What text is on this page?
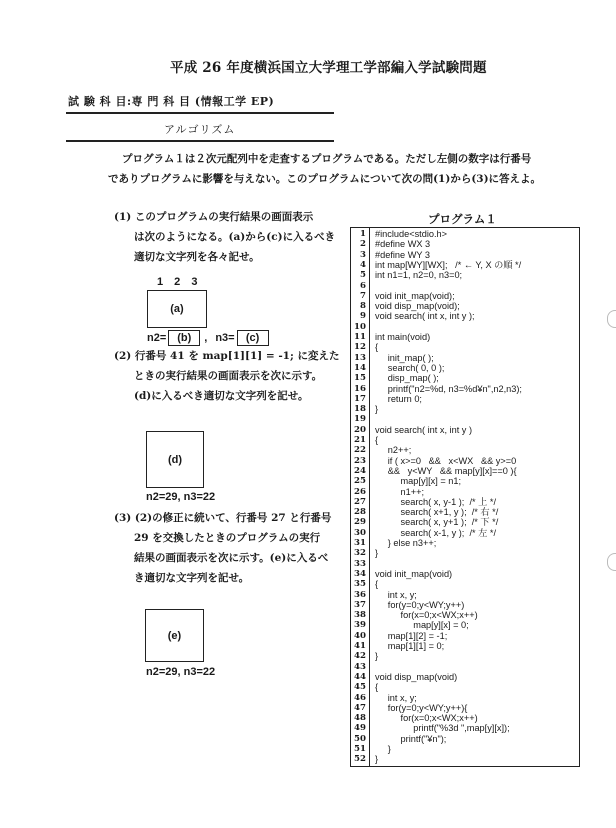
平成 26 年度横浜国立大学理工学部編入学試験問題
試 験 科 目:専 門 科 目 (情報工学 EP)
アルゴリズム

プログラム１は２次元配列中を走査するプログラムである。ただし左側の数字は行番号

でありプログラムに影響を与えない。このプログラムについて次の問(1)から(3)に答えよ。

(1) このプログラムの実行結果の画面表示

は次のようになる。(a)から(c)に入るべき

適切な文字列を各々記せ。

1 2 3
(a)
n2= (b)	, n3=	(c)

(2) 行番号 41 を map[1][1] = -1; に変えた

ときの実行結果の画面表示を次に示す。

(d)に入るべき適切な文字列を記せ。

(d)
n2=29, n3=22

(3) (2)の修正に続いて、行番号 27 と行番号

29 を交換したときのプログラムの実行

結果の画面表示を次に示す。(e)に入るべ

き適切な文字列を記せ。

(e)
n2=29, n3=22
プログラム１
1 #include<stdio.h>
2 #define WX 3
3 #define WY 3
4 int map[WY][WX];   /* ← Y, X の順 */
5 int n1=1, n2=0, n3=0;
6
7 void init_map(void);
8 void disp_map(void);
9 void search( int x, int y );
10
11 int main(void)
12 {
13 init_map( );
14 search( 0, 0 );
15 disp_map( );
16 printf("n2=%d, n3=%d¥n",n2,n3);
17 return 0;
18 }
19
20 void search( int x, int y )
21 {
22 n2++;
23 if ( x>=0   &&   x<WX   && y>=0
24 &&   y<WY   && map[y][x]==0 ){
25 map[y][x] = n1;
26 n1++;
27 search( x, y-1 );  /* 上 */
28 search( x+1, y );  /* 右 */
29 search( x, y+1 );  /* 下 */
30 search( x-1, y );  /* 左 */
31 } else n3++;
32 }
33
34 void init_map(void)
35 {
36 int x, y;
37 for(y=0;y<WY;y++)
38 for(x=0;x<WX;x++)
39 map[y][x] = 0;
40 map[1][2] = -1;
41 map[1][1] = 0;
42 }
43
44 void disp_map(void)
45 {
46 int x, y;
47 for(y=0;y<WY;y++){
48 for(x=0;x<WX;x++)
49 printf("%3d ",map[y][x]);
50 printf("¥n");
51 }
52 }
